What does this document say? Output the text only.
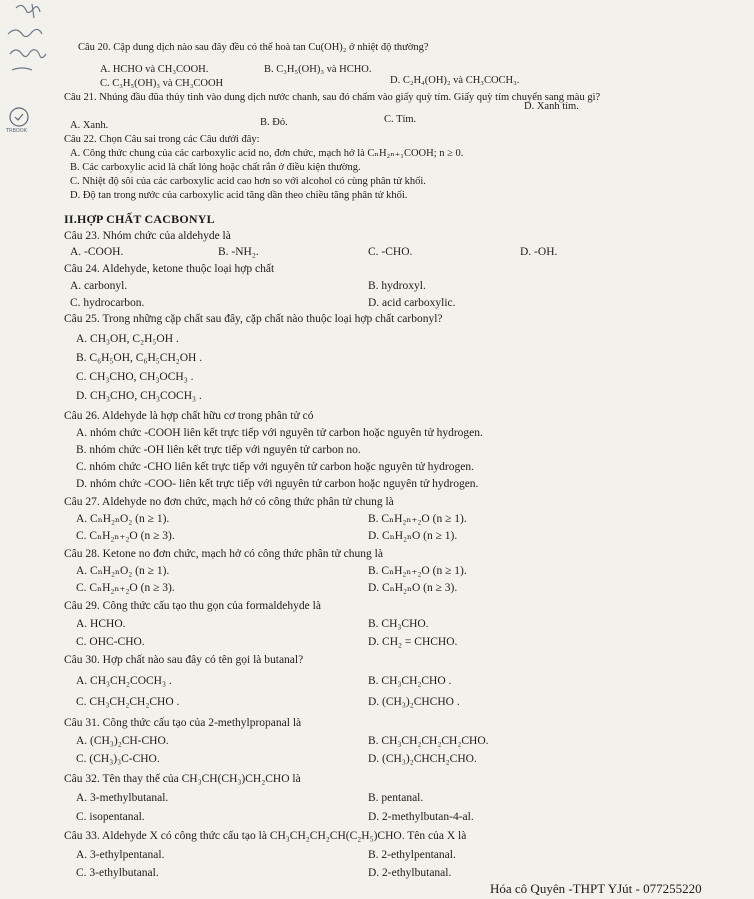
TRBOOK
Câu 20. Cập dung dịch nào sau đây đều có thể hoà tan Cu(OH)₂ ở nhiệt độ thường?
A. HCHO và CH₃COOH.	B. C₃H₅(OH)₃ và HCHO.
C. C₃H₅(OH)₃ và CH₃COOH	D. C₂H₄(OH)₂ và CH₃COCH₃.
Câu 21. Nhúng đầu đũa thủy tinh vào dung dịch nước chanh, sau đó chấm vào giấy quỳ tím. Giấy quỳ tím chuyển sang màu gì?
A. Xanh.	B. Đỏ.	C. Tím.
D. Xanh tím.
Câu 22. Chọn Câu sai trong các Câu dưới đây:
A. Công thức chung của các carboxylic acid no, đơn chức, mạch hở là CₙH₂ₙ₊₁COOH; n ≥ 0.
B. Các carboxylic acid là chất lỏng hoặc chất rắn ở điều kiện thường.
C. Nhiệt độ sôi của các carboxylic acid cao hơn so với alcohol có cùng phân tử khối.
D. Độ tan trong nước của carboxylic acid tăng dần theo chiều tăng phân tử khối.
II.HỢP CHẤT CACBONYL
Câu 23. Nhóm chức của aldehyde là
A. -COOH.	B. -NH₂.	C. -CHO.	D. -OH.
Câu 24. Aldehyde, ketone thuộc loại hợp chất
A. carbonyl.	B. hydroxyl.
C. hydrocarbon.	D. acid carboxylic.
Câu 25. Trong những cặp chất sau đây, cặp chất nào thuộc loại hợp chất carbonyl?
A. CH₃OH, C₂H₅OH .
B. C₆H₅OH, C₆H₅CH₂OH .
C. CH₃CHO, CH₃OCH₃ .
D. CH₃CHO, CH₃COCH₃ .
Câu 26. Aldehyde là hợp chất hữu cơ trong phân tử có
A. nhóm chức -COOH liên kết trực tiếp với nguyên tử carbon hoặc nguyên tử hydrogen.
B. nhóm chức -OH liên kết trực tiếp với nguyên tử carbon no.
C. nhóm chức -CHO liên kết trực tiếp với nguyên tử carbon hoặc nguyên tử hydrogen.
D. nhóm chức -COO- liên kết trực tiếp với nguyên tử carbon hoặc nguyên tử hydrogen.
Câu 27. Aldehyde no đơn chức, mạch hở có công thức phân tử chung là
A. CₙH₂ₙO₂ (n ≥ 1).	B. CₙH₂ₙ₊₂O (n ≥ 1).
C. CₙH₂ₙ₊₂O (n ≥ 3).	D. CₙH₂ₙO (n ≥ 1).
Câu 28. Ketone no đơn chức, mạch hở có công thức phân tử chung là
A. CₙH₂ₙO₂ (n ≥ 1).	B. CₙH₂ₙ₊₂O (n ≥ 1).
C. CₙH₂ₙ₊₂O (n ≥ 3).	D. CₙH₂ₙO (n ≥ 3).
Câu 29. Công thức cấu tạo thu gọn của formaldehyde là
A. HCHO.	B. CH₃CHO.
C. OHC-CHO.	D. CH₂ = CHCHO.
Câu 30. Hợp chất nào sau đây có tên gọi là butanal?
A. CH₃CH₂COCH₃ .	B. CH₃CH₂CHO .
C. CH₃CH₂CH₂CHO .	D. (CH₃)₂CHCHO .
Câu 31. Công thức cấu tạo của 2-methylpropanal là
A. (CH₃)₂CH-CHO.	B. CH₃CH₂CH₂CH₂CHO.
C. (CH₃)₃C-CHO.	D. (CH₃)₂CHCH₂CHO.
Câu 32. Tên thay thế của CH₃CH(CH₃)CH₂CHO là
A. 3-methylbutanal.	B. pentanal.
C. isopentanal.	D. 2-methylbutan-4-al.
Câu 33. Aldehyde X có công thức cấu tạo là CH₃CH₂CH₂CH(C₂H₅)CHO. Tên của X là
A. 3-ethylpentanal.	B. 2-ethylpentanal.
C. 3-ethylbutanal.	D. 2-ethylbutanal.
Hóa cô Quyên -THPT YJút - 077255220
